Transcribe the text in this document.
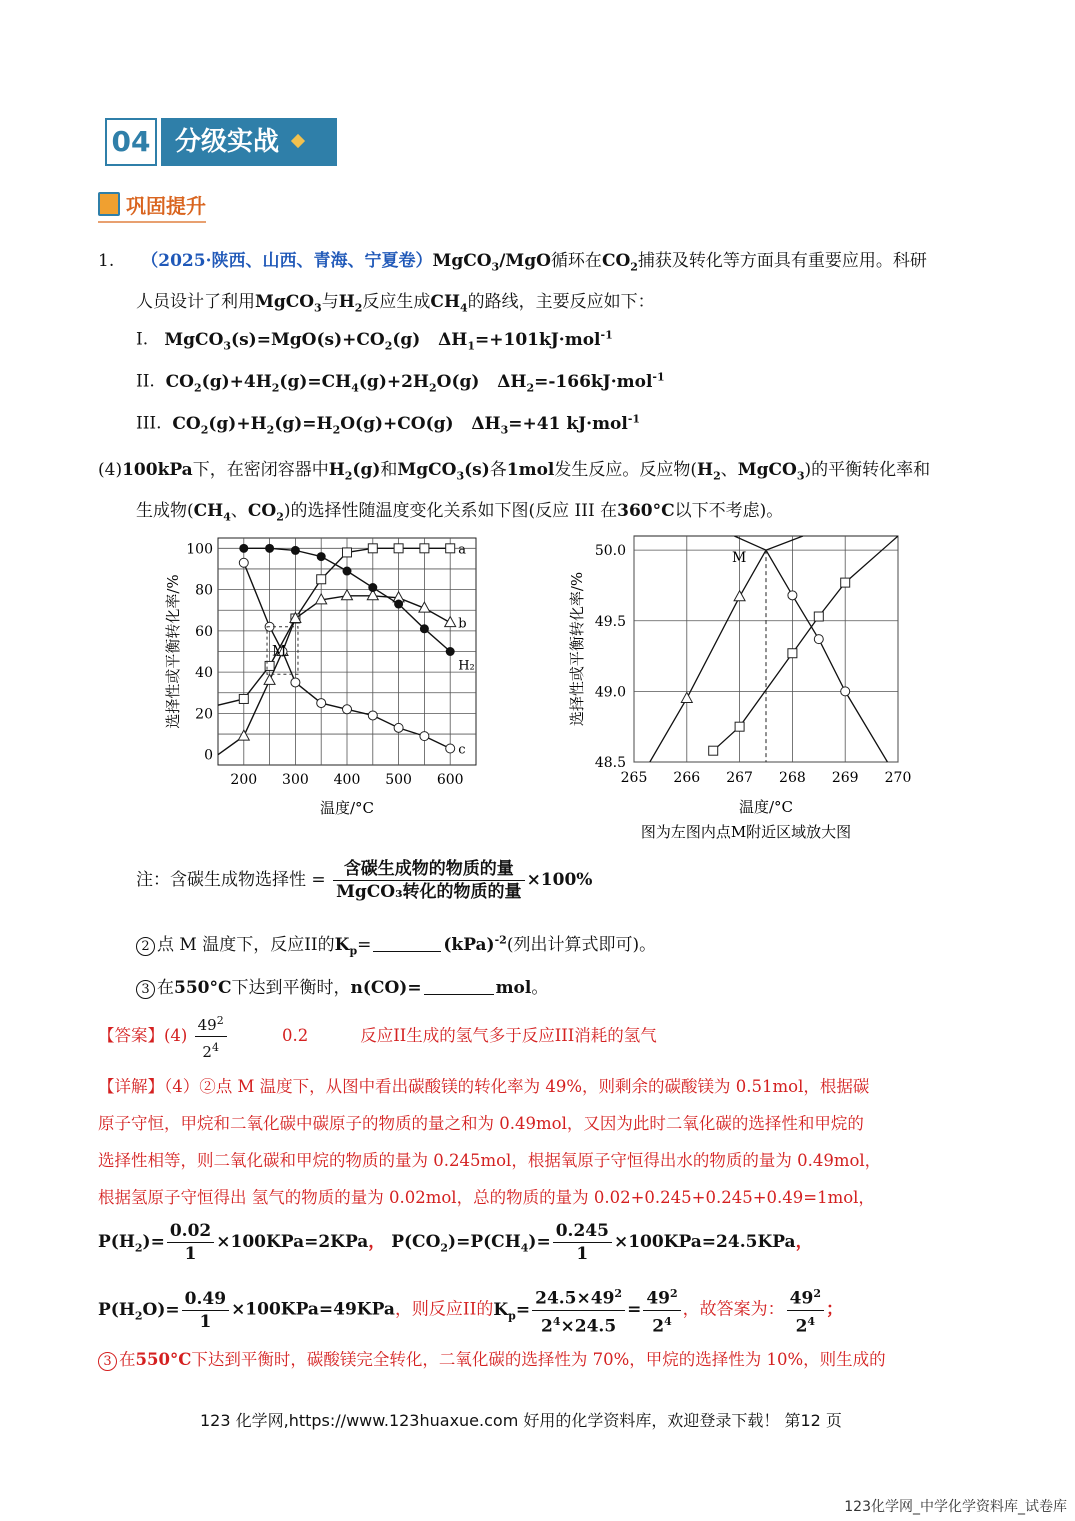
04 分级实战
巩固提升
1. （2025·陕西、山西、青海、宁夏卷）MgCO$_3$/MgO循环在$CO_2$捕获及转化等方面具有重要应用。科研
人员设计了利用MgCO$_3$与$H_2$反应生成$CH_4$的路线，主要反应如下：
I. $MgCO_3(s)=MgO(s)+CO_2(g)$   $\Delta H_1=+101kJ\cdot mol^{-1}$
II. $CO_2(g)+4H_2(g)=CH_4(g)+2H_2O(g)$   $\Delta H_2=-166kJ\cdot mol^{-1}$
III. $CO_2(g)+H_2(g)=H_2O(g)+CO(g)$   $\Delta H_3=+41$ kJ·mol$^{-1}$
(4)100kPa下，在密闭容器中$H_2(g)$和MgCO$_3$(s)各1mol发生反应。反应物($H_2$、MgCO$_3$)的平衡转化率和
生成物($CH_4$、$CO_2$)的选择性随温度变化关系如下图(反应 III 在360°C以下不考虑)。
200 300 400 500 600
0
20
40
60
80
100
温度/°C
选择性或平衡转化率/%
a
b
c
H₂
M
265 266 267 268 269 270
48.5
49.0
49.5
50.0
温度/°C
图为左图内点M附近区域放大图
选择性或平衡转化率/%
M
注：含碳生成物选择性 = $\frac{\text{含碳生成物的物质的量}}{\text{MgCO₃转化的物质的量}} \times 100\%$
2 点 M 温度下，反应II的$K_p=$	(kPa)$^{-2}$(列出计算式即可)。
3 在550°C下达到平衡时，n(CO)=	mol。
【答案】$(4) \frac{49^2}{2^4}$	0.2	反应II生成的氢气多于反应III消耗的氢气
【详解】（4）②点 M 温度下，从图中看出碳酸镁的转化率为 49%，则剩余的碳酸镁为 0.51mol，根据碳
原子守恒，甲烷和二氧化碳中碳原子的物质的量之和为 0.49mol，又因为此时二氧化碳的选择性和甲烷的
选择性相等，则二氧化碳和甲烷的物质的量为 0.245mol，根据氧原子守恒得出水的物质的量为 0.49mol，
根据氢原子守恒得出 氢气的物质的量为 0.02mol，总的物质的量为 0.02+0.245+0.245+0.49=1mol，
$P(H_2)= \frac{0.02}{1} \times 100KPa=2KPa$， $P(CO_2)=P(CH_4)= \frac{0.245}{1} \times 100KPa=24.5KPa$，
$P(H_2O)= \frac{0.49}{1} \times 100KPa=49KPa$，则反应II的$K_p= \frac{24.5\times 49^2}{2^4\times 24.5} = \frac{49^2}{2^4}$ ，故答案为： $\frac{49^2}{2^4}$ ；
3 在550°C下达到平衡时，碳酸镁完全转化，二氧化碳的选择性为 70%，甲烷的选择性为 10%，则生成的
123 化学网,https://www.123huaxue.com 好用的化学资料库，欢迎登录下载！ 第12 页
123化学网_中学化学资料库_试卷库
